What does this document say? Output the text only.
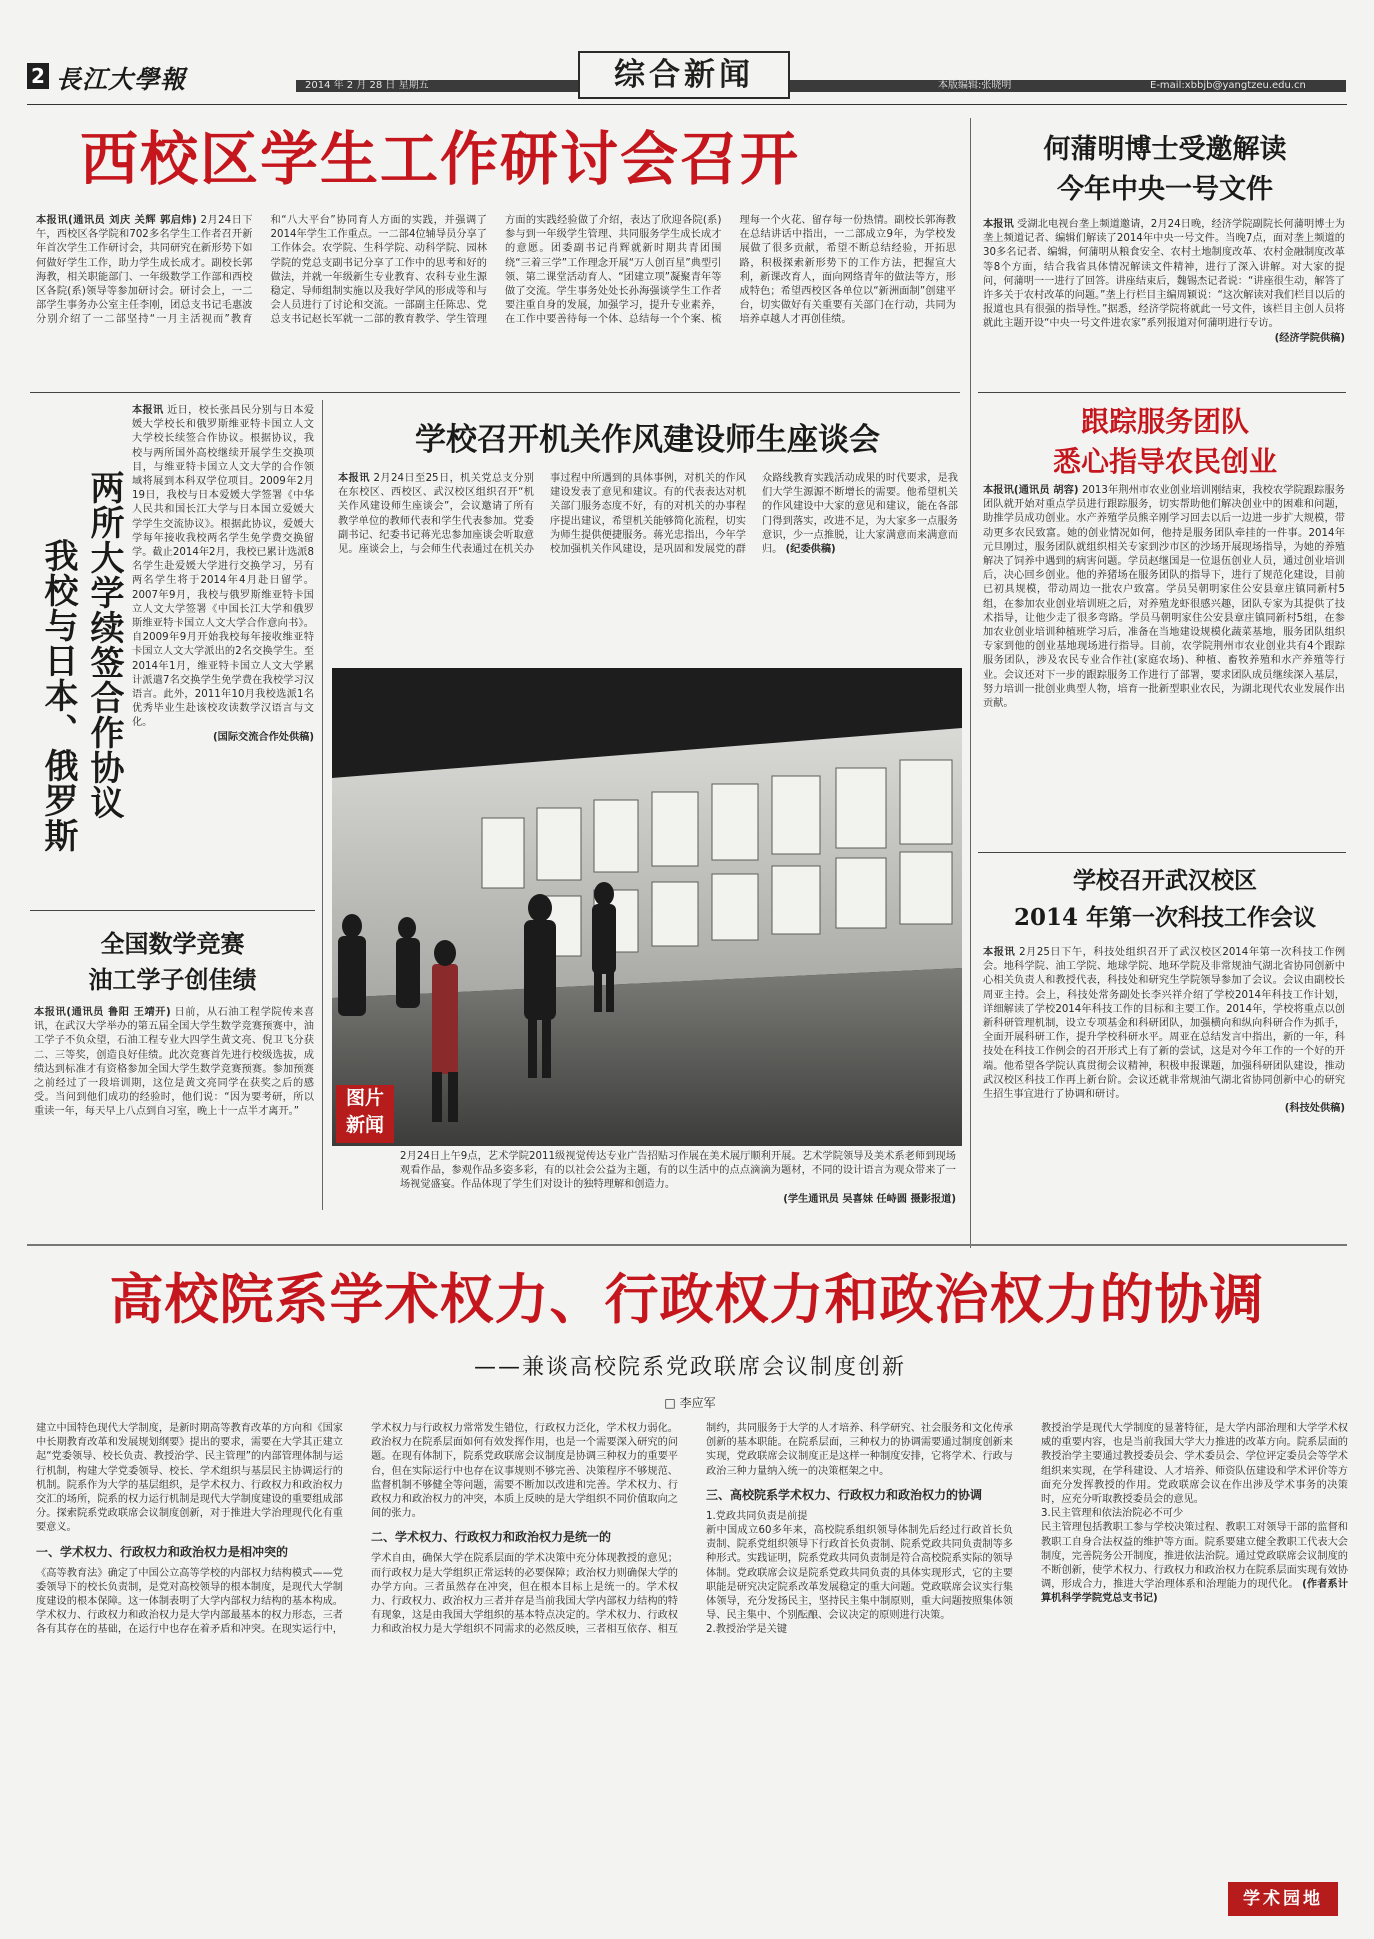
2 長江大學報	2014 年 2 月 28 日 星期五	综合新闻	本版编辑:张晓明	E-mail:xbbjb@yangtzeu.edu.cn
西校区学生工作研讨会召开
本报讯(通讯员 刘庆 关辉 郭启炜) 2月24日下午，西校区各学院和702多名学生工作者召开新年首次学生工作研讨会，共同研究在新形势下如何做好学生工作，助力学生成长成才。副校长郭海教，相关职能部门、一年级数学工作部和西校区各院(系)领导等参加研讨会。研讨会上，一二部学生事务办公室主任李刚，团总支书记毛惠波分别介绍了一二部坚持“一月主活视而”教育和“八大平台”协同育人方面的实践，并强调了2014年学生工作重点。一二部4位辅导员分享了工作体会。农学院、生科学院、动科学院、园林学院的党总支副书记分享了工作中的思考和好的做法，并就一年级新生专业教育、农科专业生源稳定、导师组制实施以及我好学风的形成等和与会人员进行了讨论和交流。一部副主任陈忠、党总支书记赵长军就一二部的教育教学、学生管理方面的实践经验做了介绍，表达了欣迎各院(系)参与到一年级学生管理、共同服务学生成长成才的意愿。团委副书记肖辉就新时期共青团围绕“三着三学”工作理念开展“万人创百星”典型引领、第二课堂活动育人、“团建立项”凝聚青年等做了交流。学生事务处处长孙海强谈学生工作者要注重自身的发展，加强学习，提升专业素养，在工作中要善待每一个体、总结每一个个案、梳理每一个火花、留存每一份热情。副校长郭海教在总结讲话中指出，一二部成立9年，为学校发展做了很多贡献，希望不断总结经验，开拓思路，积极探索新形势下的工作方法，把握宣大利，新课改育人，面向网络青年的做法等方，形成特色；希望西校区各单位以“新洲面制”创建平台，切实做好有关重要有关部门在行动，共同为培养卓越人才再创佳绩。
何蒲明博士受邀解读
今年中央一号文件
本报讯 受湖北电视台垄上频道邀请，2月24日晚，经济学院副院长何蒲明博士为垄上频道记者、编辑们解读了2014年中央一号文件。当晚7点，面对垄上频道的30多名记者、编辑，何蒲明从粮食安全、农村土地制度改革、农村金融制度改革等8个方面，结合我省具体情况解读文件精神，进行了深入讲解。对大家的提问，何蒲明一一进行了回答。讲座结束后，魏锡杰记者说：“讲座很生动，解答了许多关于农村改革的问题。”垄上行栏目主编周颖说：“这次解读对我们栏目以后的报道也具有很强的指导性。”据悉，经济学院将就此一号文件，该栏目主创人员将就此主题开设“中央一号文件进农家”系列报道对何蒲明进行专访。
(经济学院供稿)
两所大学续签合作协议
我校与日本、俄罗斯
本报讯 近日，校长张昌民分别与日本爱媛大学校长和俄罗斯维亚特卡国立人文大学校长续签合作协议。根据协议，我校与两所国外高校继续开展学生交换项目，与维亚特卡国立人文大学的合作领域将展到本科双学位项目。2009年2月19日，我校与日本爱媛大学签署《中华人民共和国长江大学与日本国立爱媛大学学生交流协议》。根据此协议，爱媛大学每年接收我校两名学生免学费交换留学。截止2014年2月，我校已累计选派8名学生赴爱媛大学进行交换学习，另有两名学生将于2014年4月赴日留学。2007年9月，我校与俄罗斯维亚特卡国立人文大学签署《中国长江大学和俄罗斯维亚特卡国立人文大学合作意向书》。自2009年9月开始我校每年接收维亚特卡国立人文大学派出的2名交换学生。至2014年1月，维亚特卡国立人文大学累计派遣7名交换学生免学费在我校学习汉语言。此外，2011年10月我校选派1名优秀毕业生赴该校攻读数学汉语言与文化。
(国际交流合作处供稿)
学校召开机关作风建设师生座谈会
本报讯 2月24日至25日，机关党总支分别在东校区、西校区、武汉校区组织召开“机关作风建设师生座谈会”，会议邀请了所有教学单位的教师代表和学生代表参加。党委副书记、纪委书记蒋光忠参加座谈会听取意见。座谈会上，与会师生代表通过在机关办事过程中所遇到的具体事例，对机关的作风建设发表了意见和建议。有的代表表达对机关部门服务态度不好，有的对机关的办事程序提出建议，希望机关能够简化流程，切实为师生提供便捷服务。蒋光忠指出，今年学校加强机关作风建设，是巩固和发展党的群众路线教育实践活动成果的时代要求，是我们大学生源源不断增长的需要。他希望机关的作风建设中大家的意见和建议，能在各部门得到落实，改进不足，为大家多一点服务意识，少一点推脱，让大家满意而来满意而归。 (纪委供稿)
图片
新闻
2月24日上午9点，艺术学院2011级视觉传达专业广告招贴习作展在美术展厅顺利开展。艺术学院领导及美术系老师到现场观看作品，参观作品多姿多彩，有的以社会公益为主题，有的以生活中的点点滴滴为题材，不同的设计语言为观众带来了一场视觉盛宴。作品体现了学生们对设计的独特理解和创造力。
(学生通讯员 吴喜妹 任峙圆 摄影报道)
全国数学竞赛
油工学子创佳绩
本报讯(通讯员 鲁阳 王靖开) 日前，从石油工程学院传来喜讯，在武汉大学举办的第五届全国大学生数学竞赛预赛中，油工学子不负众望，石油工程专业大四学生黄文亮、倪卫飞分获二、三等奖，创造良好佳绩。此次竞赛首先进行校级选拔，成绩达到标准才有资格参加全国大学生数学竞赛预赛。参加预赛之前经过了一段培训期，这位是黄文亮同学在获奖之后的感受。当问到他们成功的经验时，他们说：“因为要考研，所以重读一年，每天早上八点到自习室，晚上十一点半才离开。”
跟踪服务团队
悉心指导农民创业
本报讯(通讯员 胡容) 2013年荆州市农业创业培训刚结束，我校农学院跟踪服务团队就开始对重点学员进行跟踪服务，切实帮助他们解决创业中的困难和问题，助推学员成功创业。水产养殖学员熊辛刚学习回去以后一边进一步扩大规模，带动更多农民致富。她的创业情况如何，他持是服务团队牵挂的一件事。2014年元旦刚过，服务团队就组织相关专家到沙市区的沙场开展现场指导，为她的养殖解决了饲养中遇到的病害问题。学员赵继国是一位退伍创业人员，通过创业培训后，决心回乡创业。他的养猪场在服务团队的指导下，进行了规范化建设，目前已初具规模，带动周边一批农户致富。学员吴朝明家住公安县章庄镇同新村5组，在参加农业创业培训班之后，对养殖龙虾很感兴趣，团队专家为其提供了技术指导，让他少走了很多弯路。学员马朝明家住公安县章庄镇同新村5组，在参加农业创业培训种植班学习后，准备在当地建设规模化蔬菜基地，服务团队组织专家到他的创业基地现场进行指导。目前，农学院荆州市农业创业共有4个跟踪服务团队，涉及农民专业合作社(家庭农场)、种植、畜牧养殖和水产养殖等行业。会议还对下一步的跟踪服务工作进行了部署，要求团队成员继续深入基层，努力培训一批创业典型人物，培育一批新型职业农民，为湖北现代农业发展作出贡献。
学校召开武汉校区
2014 年第一次科技工作会议
本报讯 2月25日下午，科技处组织召开了武汉校区2014年第一次科技工作例会。地科学院、油工学院、地球学院、地环学院及非常规油气湖北省协同创新中心相关负责人和教授代表，科技处和研究生学院领导参加了会议。会议由副校长周亚主持。会上，科技处常务副处长李兴祥介绍了学校2014年科技工作计划，详细解读了学校2014年科技工作的目标和主要工作。2014年，学校将重点以创新科研管理机制，设立专项基金和科研团队，加强横向和纵向科研合作为抓手，全面开展科研工作，提升学校科研水平。周亚在总结发言中指出，新的一年，科技处在科技工作例会的召开形式上有了新的尝试，这是对今年工作的一个好的开端。他希望各学院认真贯彻会议精神，积极申报课题，加强科研团队建设，推动武汉校区科技工作再上新台阶。会议还就非常规油气湖北省协同创新中心的研究生招生事宜进行了协调和研讨。
(科技处供稿)
高校院系学术权力、行政权力和政治权力的协调
——兼谈高校院系党政联席会议制度创新
□ 李应军
建立中国特色现代大学制度，是新时期高等教育改革的方向和《国家中长期教育改革和发展规划纲要》提出的要求，需要在大学其正建立起“党委领导、校长负责、教授治学、民主管理”的内部管理体制与运行机制，构建大学党委领导、校长、学术组织与基层民主协调运行的机制。院系作为大学的基层组织，是学术权力、行政权力和政治权力交汇的场所，院系的权力运行机制是现代大学制度建设的重要组成部分。探索院系党政联席会议制度创新，对于推进大学治理现代化有重要意义。
一、学术权力、行政权力和政治权力是相冲突的
《高等教育法》确定了中国公立高等学校的内部权力结构模式——党委领导下的校长负责制，是党对高校领导的根本制度，是现代大学制度建设的根本保障。这一体制表明了大学内部权力结构的基本构成。学术权力、行政权力和政治权力是大学内部最基本的权力形态，三者各有其存在的基础，在运行中也存在着矛盾和冲突。在现实运行中，学术权力与行政权力常常发生错位，行政权力泛化，学术权力弱化。政治权力在院系层面如何有效发挥作用，也是一个需要深入研究的问题。在现有体制下，院系党政联席会议制度是协调三种权力的重要平台，但在实际运行中也存在议事规则不够完善、决策程序不够规范、监督机制不够健全等问题，需要不断加以改进和完善。学术权力、行政权力和政治权力的冲突，本质上反映的是大学组织不同价值取向之间的张力。
二、学术权力、行政权力和政治权力是统一的
学术自由，确保大学在院系层面的学术决策中充分体现教授的意见；而行政权力是大学组织正常运转的必要保障；政治权力则确保大学的办学方向。三者虽然存在冲突，但在根本目标上是统一的。学术权力、行政权力、政治权力三者并存是当前我国大学内部权力结构的特有现象，这是由我国大学组织的基本特点决定的。学术权力、行政权力和政治权力是大学组织不同需求的必然反映，三者相互依存、相互制约，共同服务于大学的人才培养、科学研究、社会服务和文化传承创新的基本职能。在院系层面，三种权力的协调需要通过制度创新来实现，党政联席会议制度正是这样一种制度安排，它将学术、行政与政治三种力量纳入统一的决策框架之中。
三、高校院系学术权力、行政权力和政治权力的协调
1.党政共同负责是前提
新中国成立60多年来，高校院系组织领导体制先后经过行政首长负责制、院系党组织领导下行政首长负责制、院系党政共同负责制等多种形式。实践证明，院系党政共同负责制是符合高校院系实际的领导体制。党政联席会议是院系党政共同负责的具体实现形式，它的主要职能是研究决定院系改革发展稳定的重大问题。党政联席会议实行集体领导，充分发扬民主，坚持民主集中制原则，重大问题按照集体领导、民主集中、个别酝酿、会议决定的原则进行决策。
2.教授治学是关键
教授治学是现代大学制度的显著特征，是大学内部治理和大学学术权威的重要内容，也是当前我国大学大力推进的改革方向。院系层面的教授治学主要通过教授委员会、学术委员会、学位评定委员会等学术组织来实现，在学科建设、人才培养、师资队伍建设和学术评价等方面充分发挥教授的作用。党政联席会议在作出涉及学术事务的决策时，应充分听取教授委员会的意见。
3.民主管理和依法治院必不可少
民主管理包括教职工参与学校决策过程、教职工对领导干部的监督和教职工自身合法权益的维护等方面。院系要建立健全教职工代表大会制度，完善院务公开制度，推进依法治院。通过党政联席会议制度的不断创新，使学术权力、行政权力和政治权力在院系层面实现有效协调，形成合力，推进大学治理体系和治理能力的现代化。 (作者系计算机科学学院党总支书记)
学术园地
